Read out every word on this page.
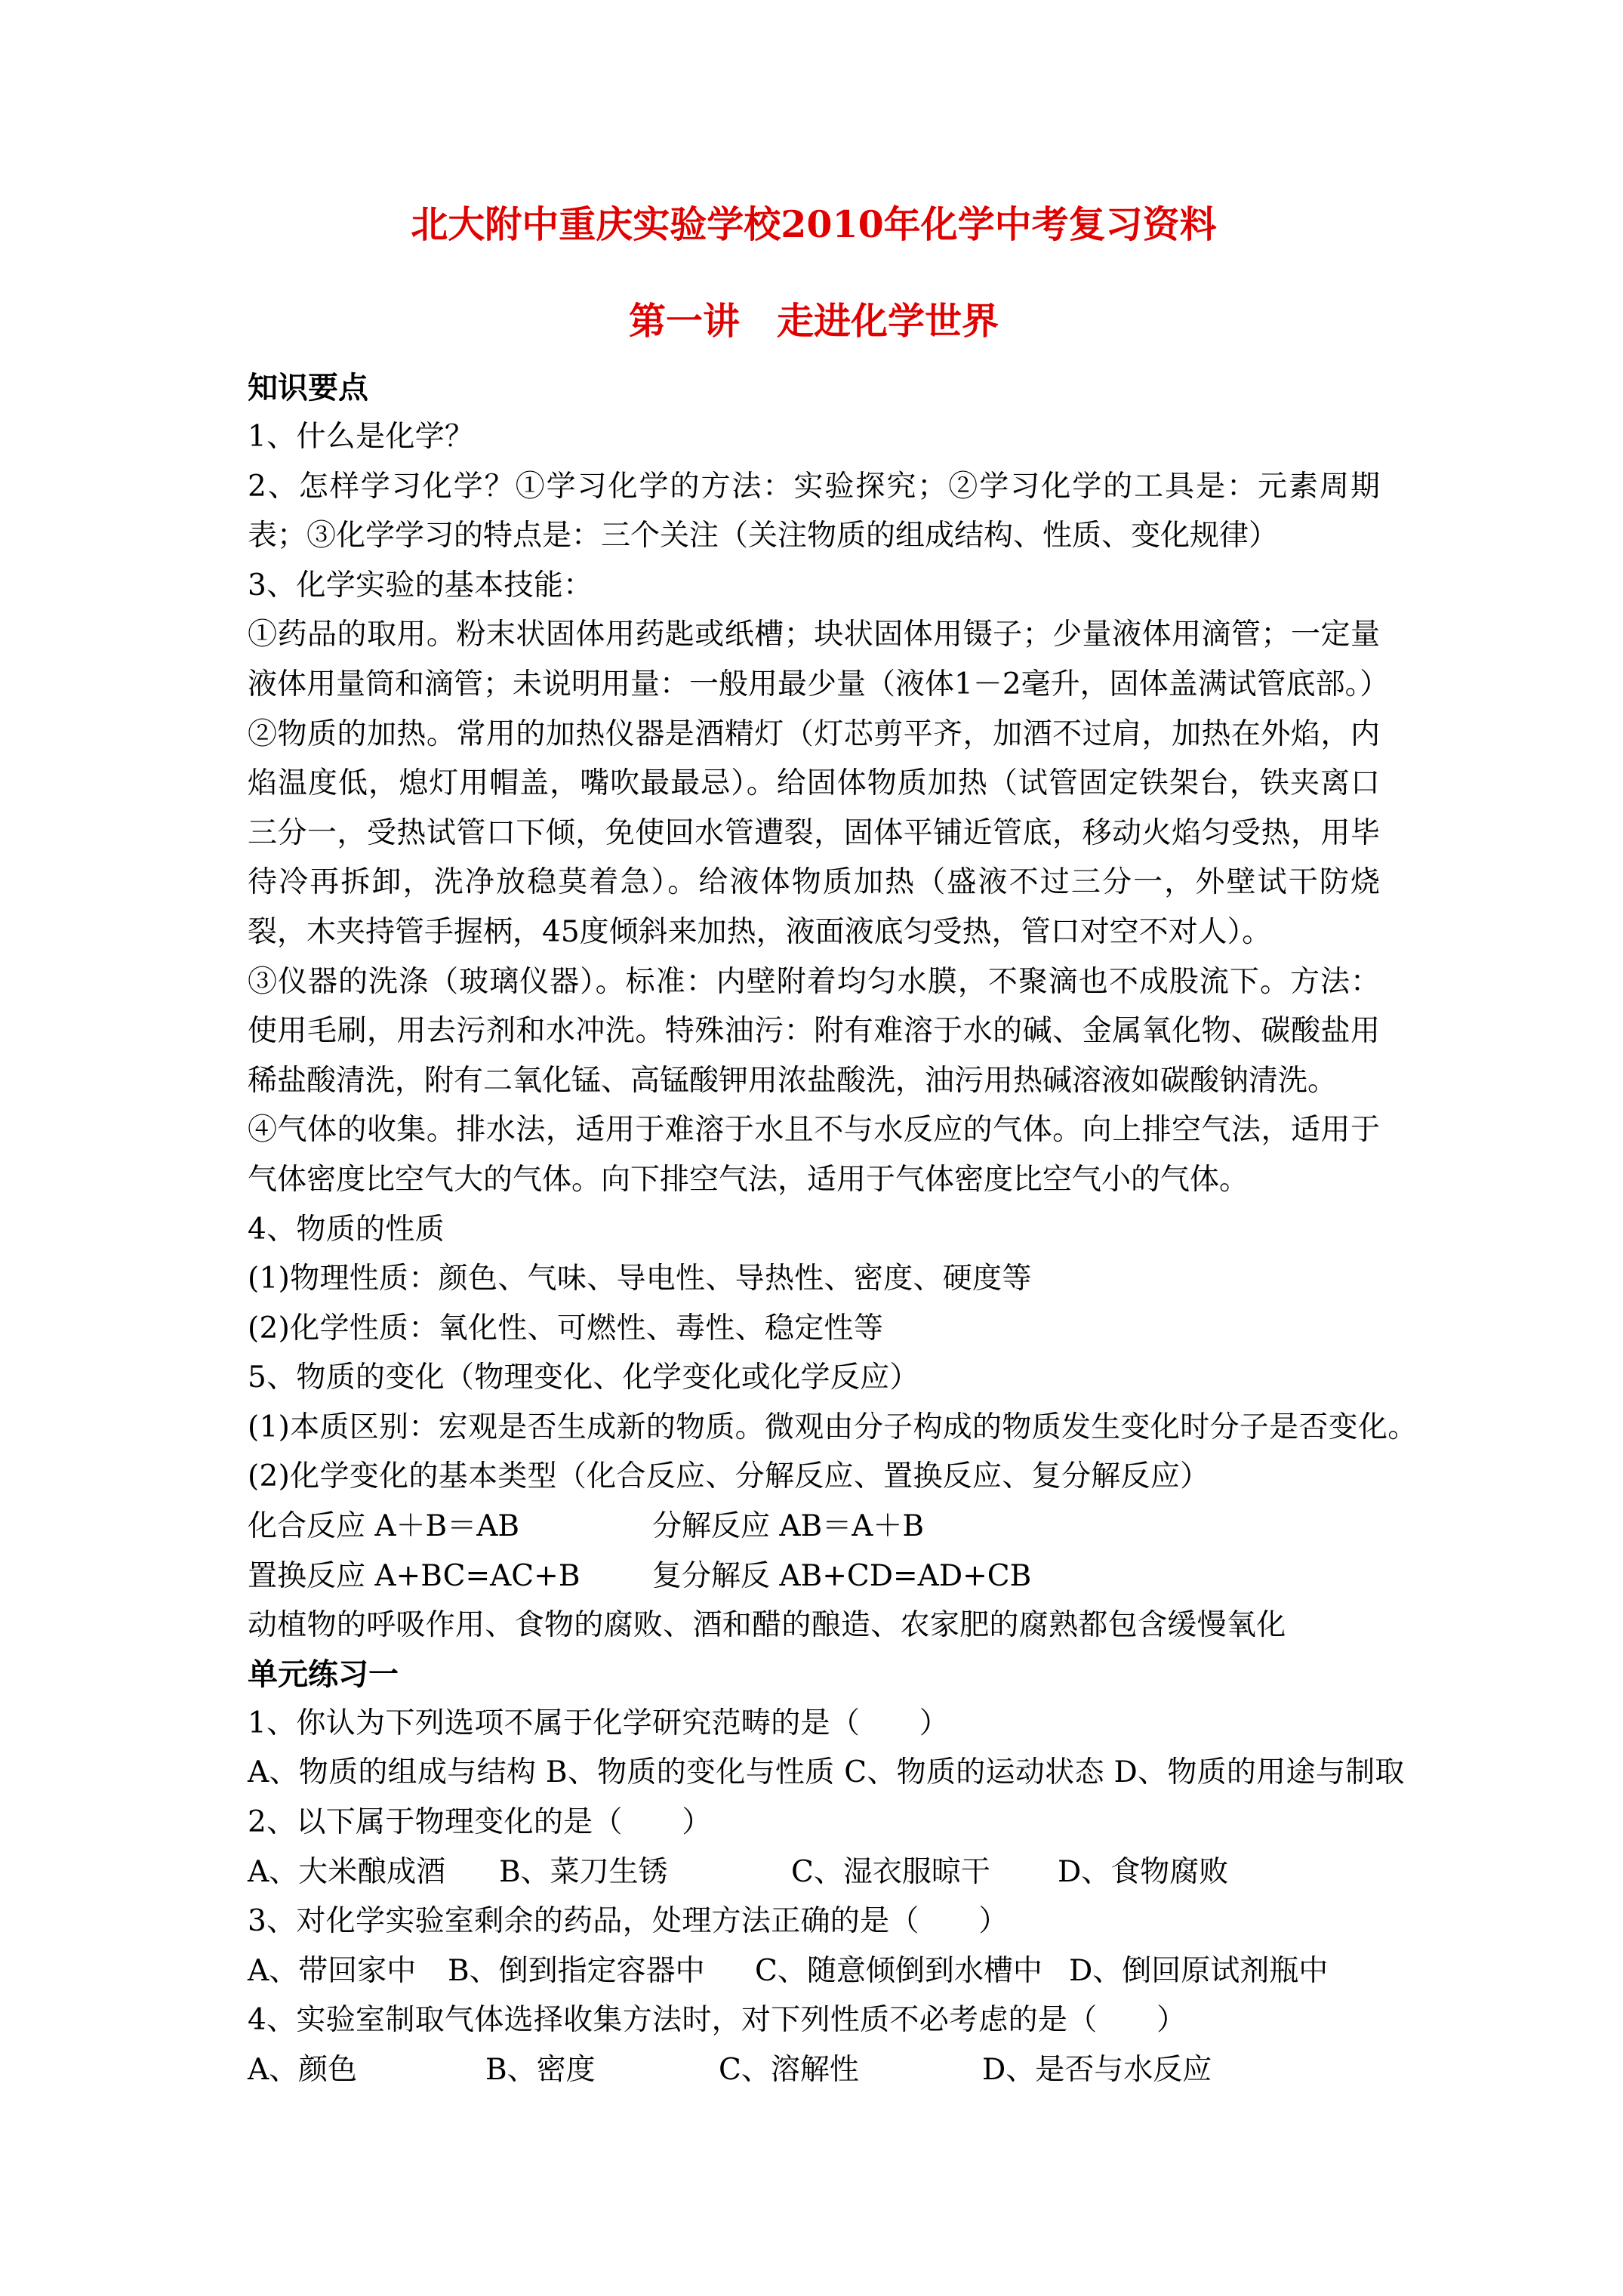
北大附中重庆实验学校2010年化学中考复习资料

第一讲 走进化学世界

知识要点

1、什么是化学？

2、怎样学习化学？①学习化学的方法：实验探究；②学习化学的工具是：元素周期表；③化学学习的特点是：三个关注（关注物质的组成结构、性质、变化规律）

3、化学实验的基本技能：

①药品的取用。粉末状固体用药匙或纸槽；块状固体用镊子；少量液体用滴管；一定量液体用量筒和滴管；未说明用量：一般用最少量（液体1－2毫升，固体盖满试管底部。）

②物质的加热。常用的加热仪器是酒精灯（灯芯剪平齐，加酒不过肩，加热在外焰，内焰温度低，熄灯用帽盖，嘴吹最最忌）。给固体物质加热（试管固定铁架台，铁夹离口三分一，受热试管口下倾，免使回水管遭裂，固体平铺近管底，移动火焰匀受热，用毕待冷再拆卸，洗净放稳莫着急）。给液体物质加热（盛液不过三分一，外壁试干防烧裂，木夹持管手握柄，45度倾斜来加热，液面液底匀受热，管口对空不对人）。

③仪器的洗涤（玻璃仪器）。标准：内壁附着均匀水膜，不聚滴也不成股流下。方法：使用毛刷，用去污剂和水冲洗。特殊油污：附有难溶于水的碱、金属氧化物、碳酸盐用稀盐酸清洗，附有二氧化锰、高锰酸钾用浓盐酸洗，油污用热碱溶液如碳酸钠清洗。

④气体的收集。排水法，适用于难溶于水且不与水反应的气体。向上排空气法，适用于气体密度比空气大的气体。向下排空气法，适用于气体密度比空气小的气体。

4、物质的性质

(1)物理性质：颜色、气味、导电性、导热性、密度、硬度等

(2)化学性质：氧化性、可燃性、毒性、稳定性等

5、物质的变化（物理变化、化学变化或化学反应）

(1)本质区别：宏观是否生成新的物质。微观由分子构成的物质发生变化时分子是否变化。

(2)化学变化的基本类型（化合反应、分解反应、置换反应、复分解反应）

化合反应 A＋B＝AB	分解反应 AB＝A＋B
置换反应 A+BC=AC+B 复分解反 AB+CD=AD+CB

动植物的呼吸作用、食物的腐败、酒和醋的酿造、农家肥的腐熟都包含缓慢氧化

单元练习一

1、你认为下列选项不属于化学研究范畴的是（　　）

A、物质的组成与结构 B、物质的变化与性质 C、物质的运动状态 D、物质的用途与制取

2、以下属于物理变化的是（　　）

A、大米酿成酒 B、菜刀生锈	C、湿衣服晾干 D、食物腐败

3、对化学实验室剩余的药品，处理方法正确的是（　　）

A、带回家中 B、倒到指定容器中 C、随意倾倒到水槽中 D、倒回原试剂瓶中

4、实验室制取气体选择收集方法时，对下列性质不必考虑的是（　　）

A、颜色	B、密度	C、溶解性	D、是否与水反应
